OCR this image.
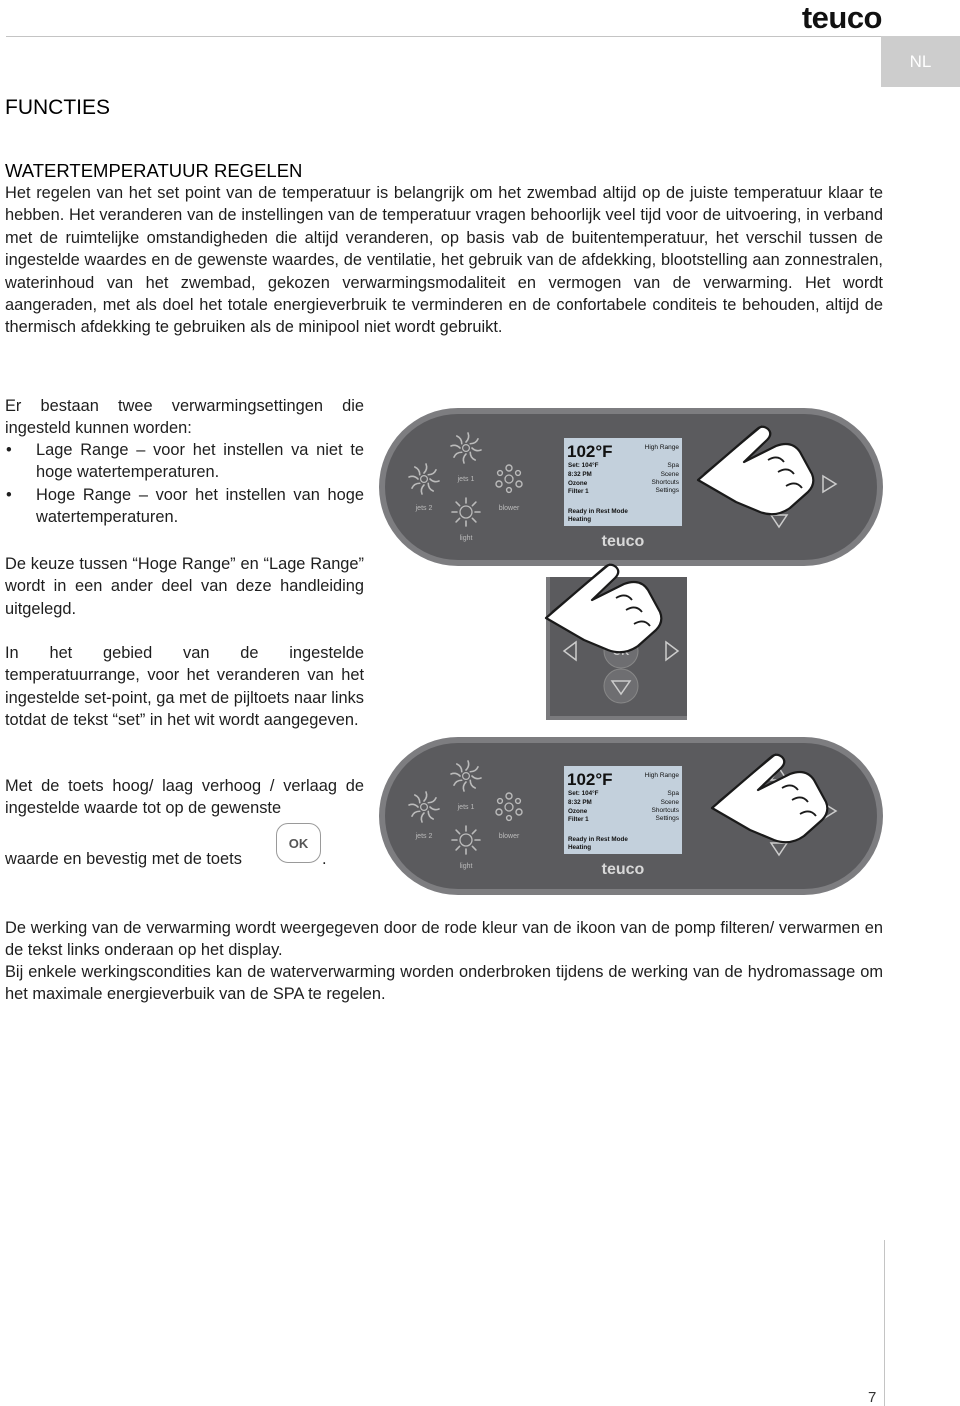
teuco
NL
FUNCTIES
WATERTEMPERATUUR REGELEN

Het regelen van het set point van de temperatuur is belangrijk om het zwembad altijd op de juiste temperatuur klaar te hebben. Het veranderen van de instellingen van de temperatuur vragen behoorlijk veel tijd voor de uitvoering, in verband met de ruimtelijke omstandigheden die altijd veranderen, op basis vab de buitentemperatuur, het verschil tussen de ingestelde waardes en de gewenste waardes, de ventilatie, het gebruik van de afdekking, blootstelling aan zonnestralen, waterinhoud van het zwembad, gekozen verwarmingsmodaliteit en vermogen van de verwarming. Het wordt aangeraden, met als doel het totale energieverbruik te verminderen en de confortabele conditeis te behouden, altijd de thermisch afdekking te gebruiken als de minipool niet wordt gebruikt.

Er bestaan twee verwarmingsettingen die ingesteld kunnen worden:

• Lage Range – voor het instellen va niet te hoge watertemperaturen.
• Hoge Range – voor het instellen van hoge watertemperaturen.

De keuze tussen “Hoge Range” en “Lage Range” wordt in een ander deel van deze handleiding uitgelegd.

In het gebied van de ingestelde temperatuurrange, voor het veranderen van het ingestelde set-point, ga met de pijltoets naar links totdat de tekst “set” in het wit wordt aangegeven.

Met de toets hoog/ laag verhoog / verlaag de ingestelde waarde tot op de gewenste

waarde en bevestig met de toets
OK
.
jets 1
jets 2	blower
light
102°F	High Range
Set: 104°F
8:32 PM
Ozone
Filter 1
Spa
Scene
Shortcuts
Settings
Ready in Rest Mode
Heating
teuco
jets 1
jets 2	blower
light
102°F	High Range
Set: 104°F
8:32 PM
Ozone
Filter 1
Spa
Scene
Shortcuts
Settings
Ready in Rest Mode
Heating
teuco

De werking van de verwarming wordt weergegeven door de rode kleur van de ikoon van de pomp filteren/ verwarmen en de tekst links onderaan op het display.

Bij enkele werkingscondities kan de waterverwarming worden onderbroken tijdens de werking van de hydromassage om het maximale energieverbuik van de SPA te regelen.

7
